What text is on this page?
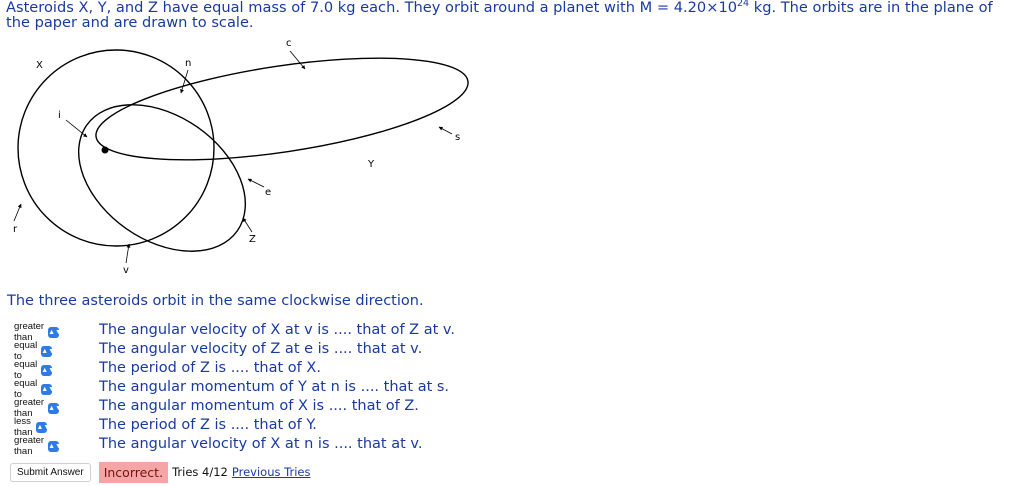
Asteroids X, Y, and Z have equal mass of 7.0 kg each. They orbit around a planet with $M = 4.20\times 10^{24}$ kg. The orbits are in the plane of the paper and are drawn to scale.
X
c
n
i
r
v
e
Z
Y
s
The three asteroids orbit in the same clockwise direction.
greater than	▲▼	The angular velocity of X at v is .... that of Z at v.
equal to	▲▼	The angular velocity of Z at e is .... that at v.
equal to	▲▼	The period of Z is .... that of X.
equal to	▲▼	The angular momentum of Y at n is .... that at s.
greater than	▲▼	The angular momentum of X is .... that of Z.
less than ▲▼	The period of Z is .... that of Y.
greater than	▲▼	The angular velocity of X at n is .... that at v.
Submit Answer	Incorrect. Tries 4/12 Previous Tries
